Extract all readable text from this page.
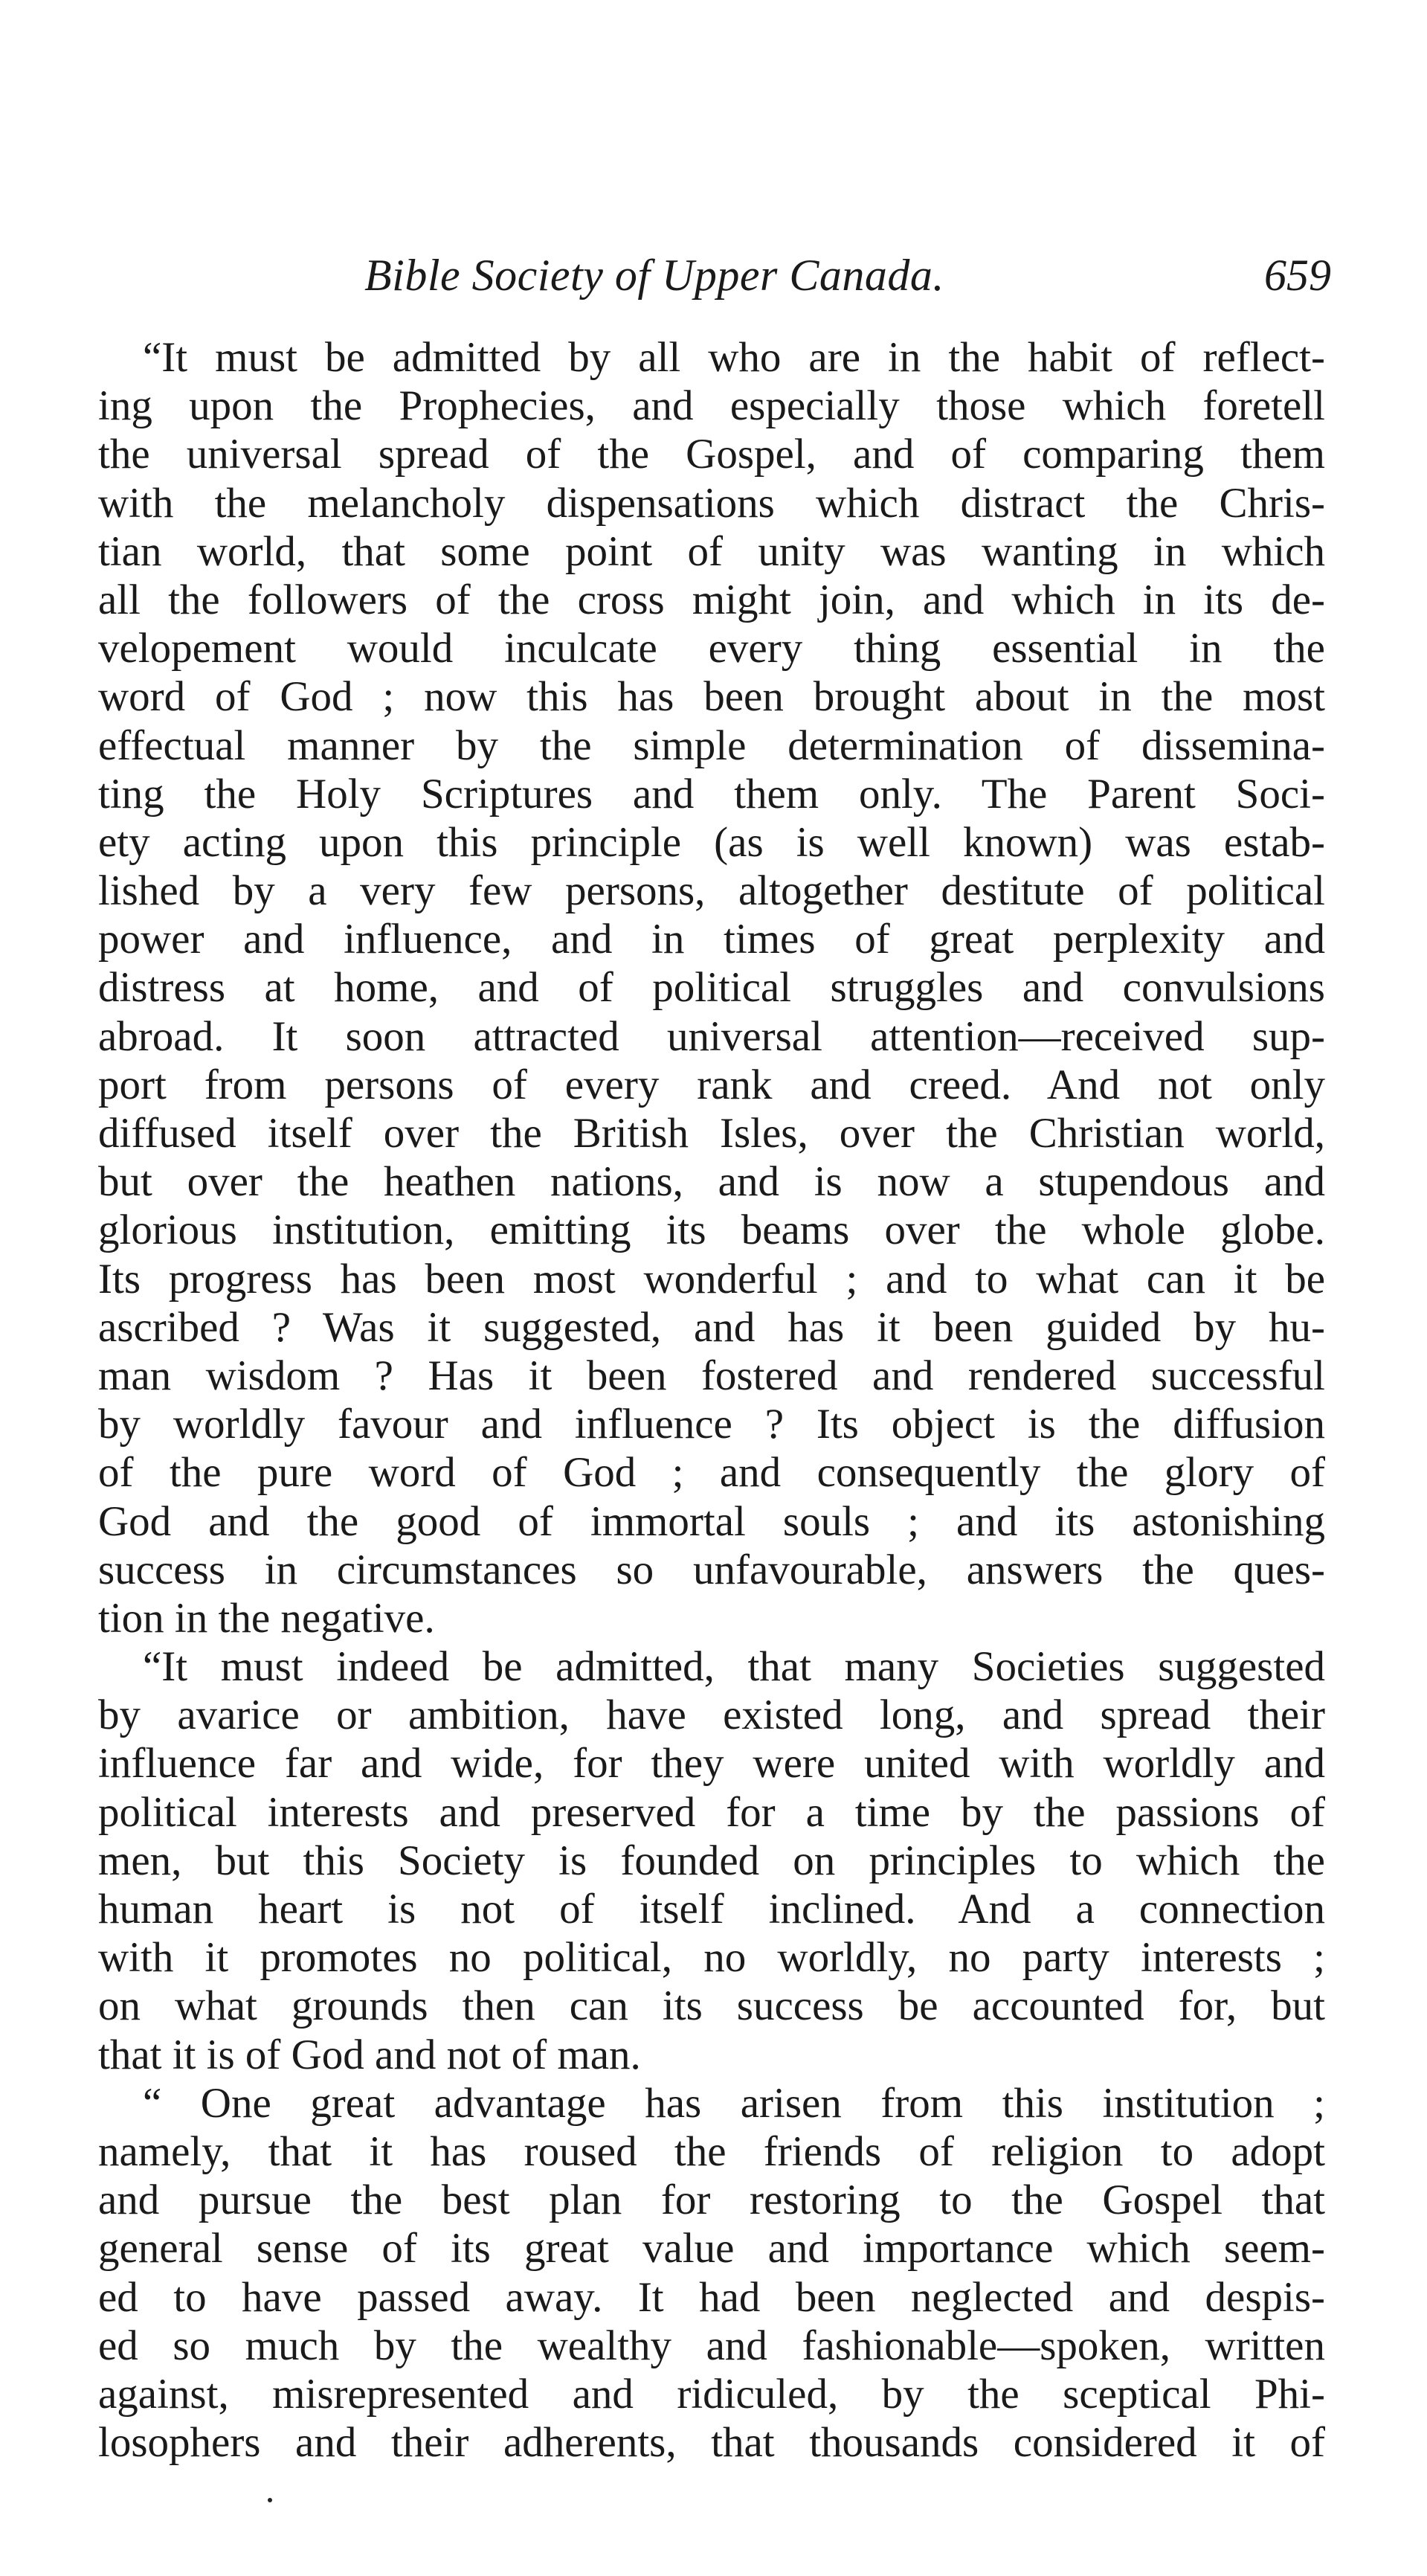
Bible Society of Upper Canada.	659
“It must be admitted by all who are in the habit of reflect-
ing upon the Prophecies, and especially those which foretell
the universal spread of the Gospel, and of comparing them
with the melancholy dispensations which distract the Chris-
tian world, that some point of unity was wanting in which
all the followers of the cross might join, and which in its de-
velopement would inculcate every thing essential in the
word of God ; now this has been brought about in the most
effectual manner by the simple determination of dissemina-
ting the Holy Scriptures and them only. The Parent Soci-
ety acting upon this principle (as is well known) was estab-
lished by a very few persons, altogether destitute of political
power and influence, and in times of great perplexity and
distress at home, and of political struggles and convulsions
abroad. It soon attracted universal attention—received sup-
port from persons of every rank and creed. And not only
diffused itself over the British Isles, over the Christian world,
but over the heathen nations, and is now a stupendous and
glorious institution, emitting its beams over the whole globe.
Its progress has been most wonderful ; and to what can it be
ascribed ? Was it suggested, and has it been guided by hu-
man wisdom ? Has it been fostered and rendered successful
by worldly favour and influence ? Its object is the diffusion
of the pure word of God ; and consequently the glory of
God and the good of immortal souls ; and its astonishing
success in circumstances so unfavourable, answers the ques-
tion in the negative.
“It must indeed be admitted, that many Societies suggested
by avarice or ambition, have existed long, and spread their
influence far and wide, for they were united with worldly and
political interests and preserved for a time by the passions of
men, but this Society is founded on principles to which the
human heart is not of itself inclined. And a connection
with it promotes no political, no worldly, no party interests ;
on what grounds then can its success be accounted for, but
that it is of God and not of man.
“ One great advantage has arisen from this institution ;
namely, that it has roused the friends of religion to adopt
and pursue the best plan for restoring to the Gospel that
general sense of its great value and importance which seem-
ed to have passed away. It had been neglected and despis-
ed so much by the wealthy and fashionable—spoken, written
against, misrepresented and ridiculed, by the sceptical Phi-
losophers and their adherents, that thousands considered it of
